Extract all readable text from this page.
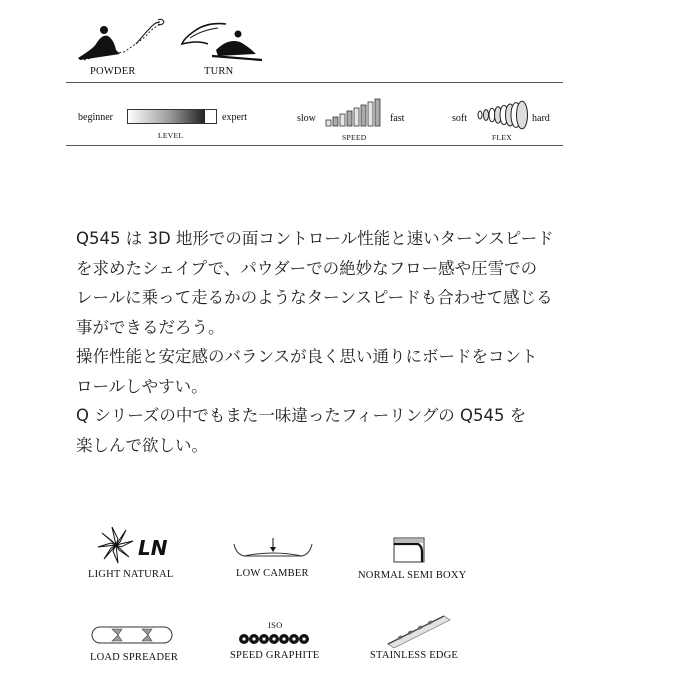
POWDER	TURN
beginner	expert
LEVEL
slow	fast
SPEED
soft	hard
FLEX

Q545 は 3D 地形での面コントロール性能と速いターンスピード

を求めたシェイプで、パウダーでの絶妙なフロー感や圧雪での

レールに乗って走るかのようなターンスピードも合わせて感じる

事ができるだろう。

操作性能と安定感のバランスが良く思い通りにボードをコント

ロールしやすい。

Q シリーズの中でもまた一味違ったフィーリングの Q545 を

楽しんで欲しい。

LN
LIGHT NATURAL	LOW CAMBER	NORMAL SEMI BOXY
LOAD SPREADER
ISO
SPEED GRAPHITE	STAINLESS EDGE
